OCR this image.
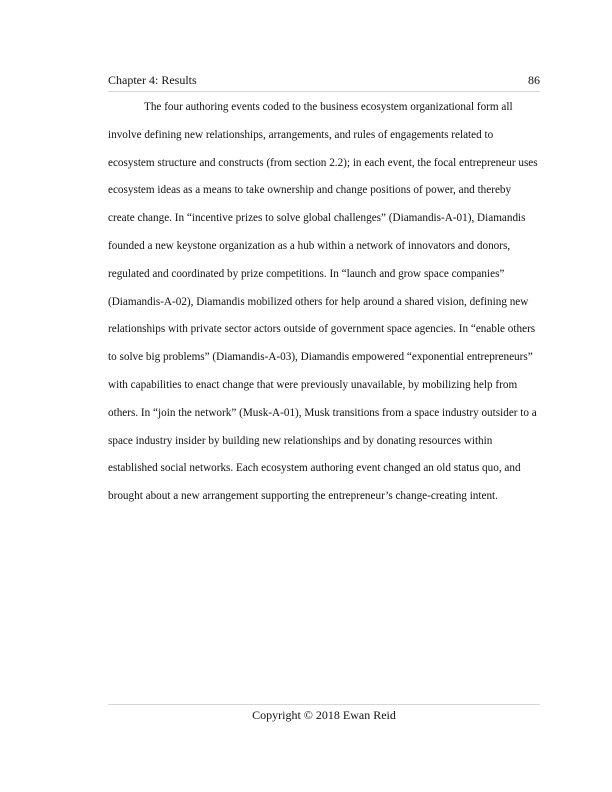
Chapter 4: Results	86

The four authoring events coded to the business ecosystem organizational form all involve defining new relationships, arrangements, and rules of engagements related to ecosystem structure and constructs (from section 2.2); in each event, the focal entrepreneur uses ecosystem ideas as a means to take ownership and change positions of power, and thereby create change. In “incentive prizes to solve global challenges” (Diamandis-A-01), Diamandis founded a new keystone organization as a hub within a network of innovators and donors, regulated and coordinated by prize competitions. In “launch and grow space companies” (Diamandis-A-02), Diamandis mobilized others for help around a shared vision, defining new relationships with private sector actors outside of government space agencies. In “enable others to solve big problems” (Diamandis-A-03), Diamandis empowered “exponential entrepreneurs” with capabilities to enact change that were previously unavailable, by mobilizing help from others. In “join the network” (Musk-A-01), Musk transitions from a space industry outsider to a space industry insider by building new relationships and by donating resources within established social networks. Each ecosystem authoring event changed an old status quo, and brought about a new arrangement supporting the entrepreneur’s change-creating intent.

Copyright © 2018 Ewan Reid
